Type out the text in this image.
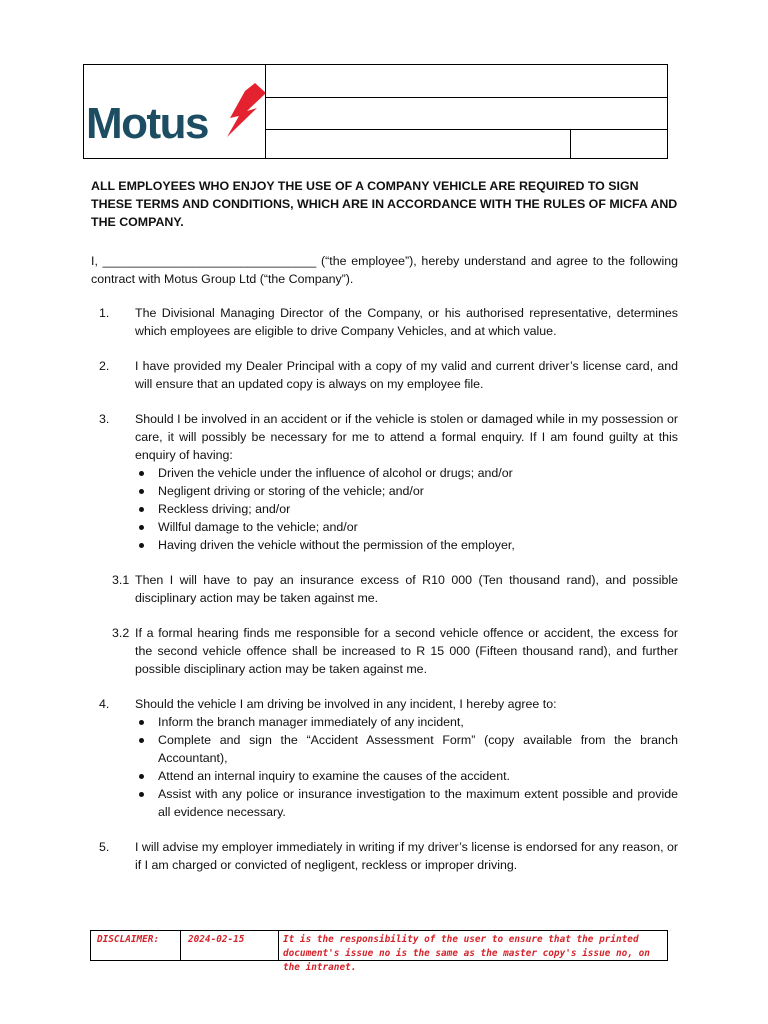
Motus

ALL EMPLOYEES WHO ENJOY THE USE OF A COMPANY VEHICLE ARE REQUIRED TO SIGN THESE TERMS AND CONDITIONS, WHICH ARE IN ACCORDANCE WITH THE RULES OF MICFA AND THE COMPANY.

I, _______________________________ (“the employee”), hereby understand and agree to the following contract with Motus Group Ltd (“the Company”).

1. The Divisional Managing Director of the Company, or his authorised representative, determines which employees are eligible to drive Company Vehicles, and at which value.
2. I have provided my Dealer Principal with a copy of my valid and current driver’s license card, and will ensure that an updated copy is always on my employee file.
3. Should I be involved in an accident or if the vehicle is stolen or damaged while in my possession or care, it will possibly be necessary for me to attend a formal enquiry. If I am found guilty at this enquiry of having:
Driven the vehicle under the influence of alcohol or drugs; and/or
Negligent driving or storing of the vehicle; and/or
Reckless driving; and/or
Willful damage to the vehicle; and/or
Having driven the vehicle without the permission of the employer,
3.1 Then I will have to pay an insurance excess of R10 000 (Ten thousand rand), and possible disciplinary action may be taken against me.
3.2 If a formal hearing finds me responsible for a second vehicle offence or accident, the excess for the second vehicle offence shall be increased to R 15 000 (Fifteen thousand rand), and further possible disciplinary action may be taken against me.
4. Should the vehicle I am driving be involved in any incident, I hereby agree to:
Inform the branch manager immediately of any incident,
Complete and sign the “Accident Assessment Form” (copy available from the branch Accountant),
Attend an internal inquiry to examine the causes of the accident.
Assist with any police or insurance investigation to the maximum extent possible and provide all evidence necessary.
5. I will advise my employer immediately in writing if my driver’s license is endorsed for any reason, or if I am charged or convicted of negligent, reckless or improper driving.
DISCLAIMER:	2024-02-15	It is the responsibility of the user to ensure that the printed document's issue no is the same as the master copy's issue no, on the intranet.
